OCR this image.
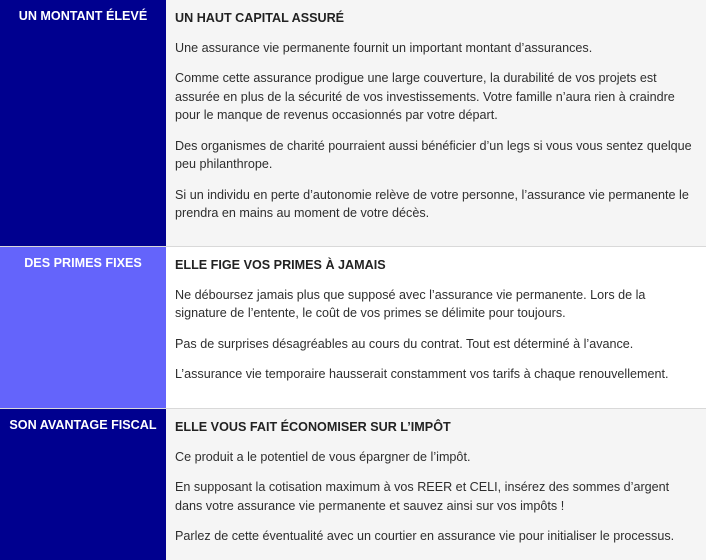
UN MONTANT ÉLEVÉ	UN HAUT CAPITAL ASSURÉ

Une assurance vie permanente fournit un important montant d’assurances.

Comme cette assurance prodigue une large couverture, la durabilité de vos projets est assurée en plus de la sécurité de vos investissements. Votre famille n’aura rien à craindre pour le manque de revenus occasionnés par votre départ.

Des organismes de charité pourraient aussi bénéficier d’un legs si vous vous sentez quelque peu philanthrope.

Si un individu en perte d’autonomie relève de votre personne, l’assurance vie permanente le prendra en mains au moment de votre décès.

DES PRIMES FIXES	ELLE FIGE VOS PRIMES À JAMAIS

Ne déboursez jamais plus que supposé avec l’assurance vie permanente. Lors de la signature de l’entente, le coût de vos primes se délimite pour toujours.

Pas de surprises désagréables au cours du contrat. Tout est déterminé à l’avance.

L’assurance vie temporaire hausserait constamment vos tarifs à chaque renouvellement.

SON AVANTAGE FISCAL	ELLE VOUS FAIT ÉCONOMISER SUR L’IMPÔT

Ce produit a le potentiel de vous épargner de l’impôt.

En supposant la cotisation maximum à vos REER et CELI, insérez des sommes d’argent dans votre assurance vie permanente et sauvez ainsi sur vos impôts !

Parlez de cette éventualité avec un courtier en assurance vie pour initialiser le processus.
